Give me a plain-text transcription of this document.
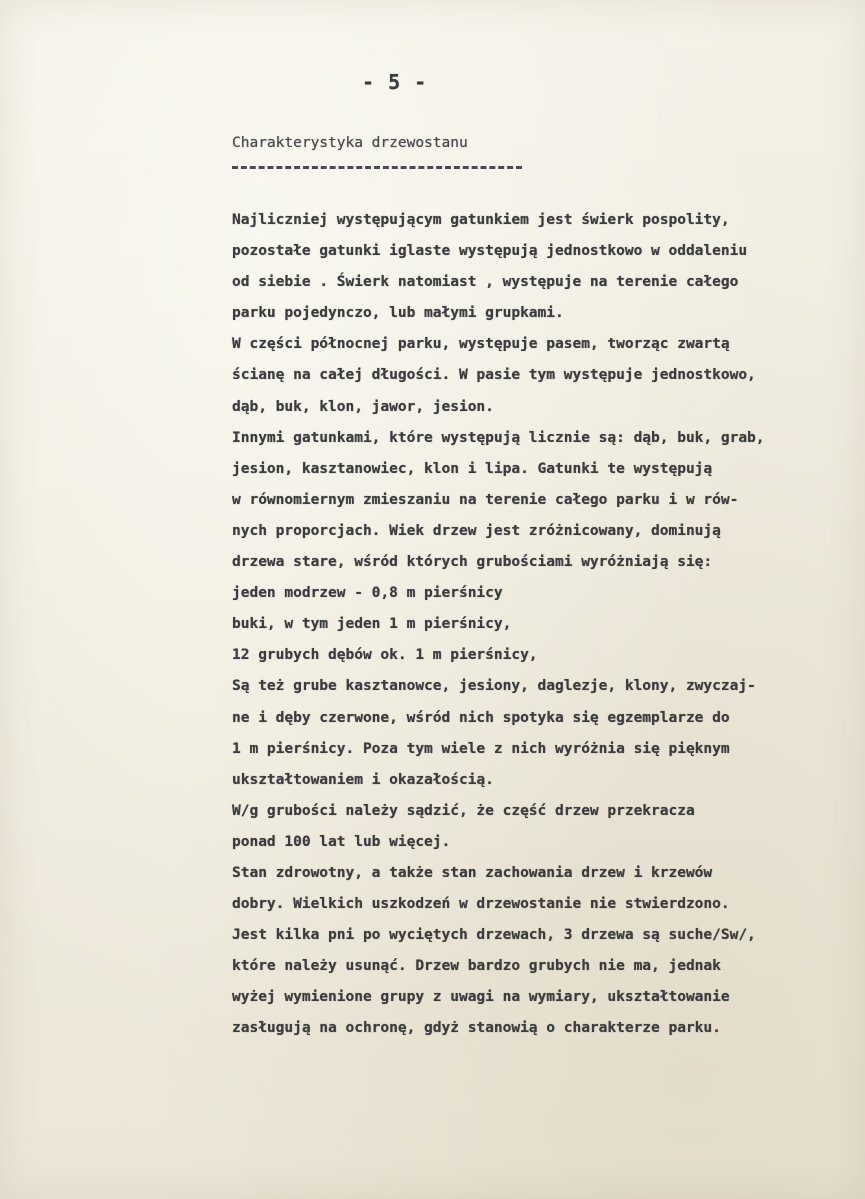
- 5 -

Charakterystyka drzewostanu
Najliczniej występującym gatunkiem jest świerk pospolity,
pozostałe gatunki iglaste występują jednostkowo w oddaleniu
od siebie . Świerk natomiast , występuje na terenie całego
parku pojedynczo, lub małymi grupkami.
W części północnej parku, występuje pasem, tworząc zwartą
ścianę na całej długości. W pasie tym występuje jednostkowo,
dąb, buk, klon, jawor, jesion.
Innymi gatunkami, które występują licznie są: dąb, buk, grab,
jesion, kasztanowiec, klon i lipa. Gatunki te występują
w równomiernym zmieszaniu na terenie całego parku i w rów-
nych proporcjach. Wiek drzew jest zróżnicowany, dominują
drzewa stare, wśród których grubościami wyróżniają się:
jeden modrzew - 0,8 m pierśnicy
buki, w tym jeden 1 m pierśnicy,
12 grubych dębów ok. 1 m pierśnicy,
Są też grube kasztanowce, jesiony, daglezje, klony, zwyczaj-
ne i dęby czerwone, wśród nich spotyka się egzemplarze do
1 m pierśnicy. Poza tym wiele z nich wyróżnia się pięknym
ukształtowaniem i okazałością.
W/g grubości należy sądzić, że część drzew przekracza
ponad 100 lat lub więcej.
Stan zdrowotny, a także stan zachowania drzew i krzewów
dobry. Wielkich uszkodzeń w drzewostanie nie stwierdzono.
Jest kilka pni po wyciętych drzewach, 3 drzewa są suche/Sw/,
które należy usunąć. Drzew bardzo grubych nie ma, jednak
wyżej wymienione grupy z uwagi na wymiary, ukształtowanie
zasługują na ochronę, gdyż stanowią o charakterze parku.
